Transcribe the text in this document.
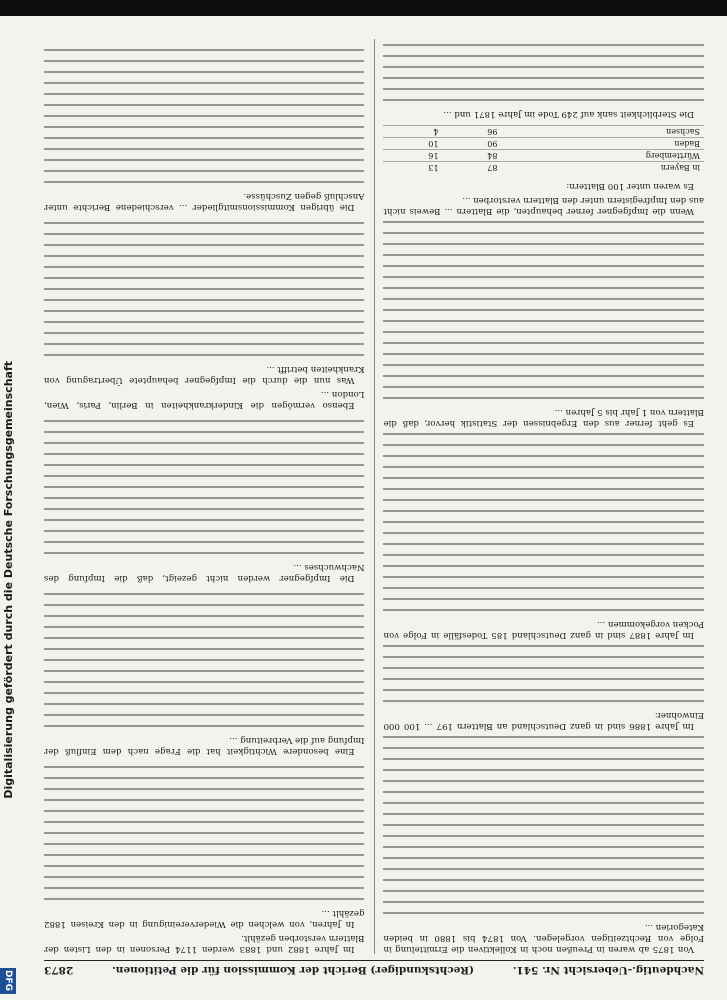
Digitalisierung gefördert durch die Deutsche Forschungsgemeinschaft
DFG
Nachdeutig.-Uebersicht Nr. 541.
(Rechtskundiger) Bericht der Kommission für die Petitionen.
2873

Von 1875 ab waren in Preußen noch in Kollektiven die Ermittelung in Folge von Rechtzeitigen vorgelegen. Von 1874 bis 1880 in beiden Kategorien ...

Im Jahre 1886 sind in ganz Deutschland an Blattern 197 ... 100 000 Einwohner.

Im Jahre 1887 sind in ganz Deutschland 185 Todesfälle in Folge von Pocken vorgekommen ...

Es geht ferner aus den Ergebnissen der Statistik hervor, daß die Blattern von 1 Jahr bis 5 Jahren ...

Wenn die Impfgegner ferner behaupten, die Blattern ... Beweis nicht aus den Impfregistern unter den Blattern verstorben ...

Es waren unter 100 Blattern:

in Bayern	87	13
Württemberg	84	16
Baden	90	10
Sachsen	96	4

Die Sterblichkeit sank auf 249 Tode im Jahre 1871 und ...

Im Jahre 1882 und 1883 werden 1174 Personen in den Listen der Blattern verstorben gezählt.

In Jahren, von welchen die Wiedervereinigung in den Kreisen 1882 gezählt ...

Eine besondere Wichtigkeit hat die Frage nach dem Einfluß der Impfung auf die Verbreitung ...

Die Impfgegner werden nicht gezeigt, daß die Impfung des Nachwuchses ...

Ebenso vermögen die Kinderkrankheiten in Berlin, Paris, Wien, London ...

Was nun die durch die Impfgegner behauptete Übertragung von Krankheiten betrifft ...

Die übrigen Kommissionsmitglieder ... verschiedene Berichte unter Anschluß gegen Zuschüsse.
